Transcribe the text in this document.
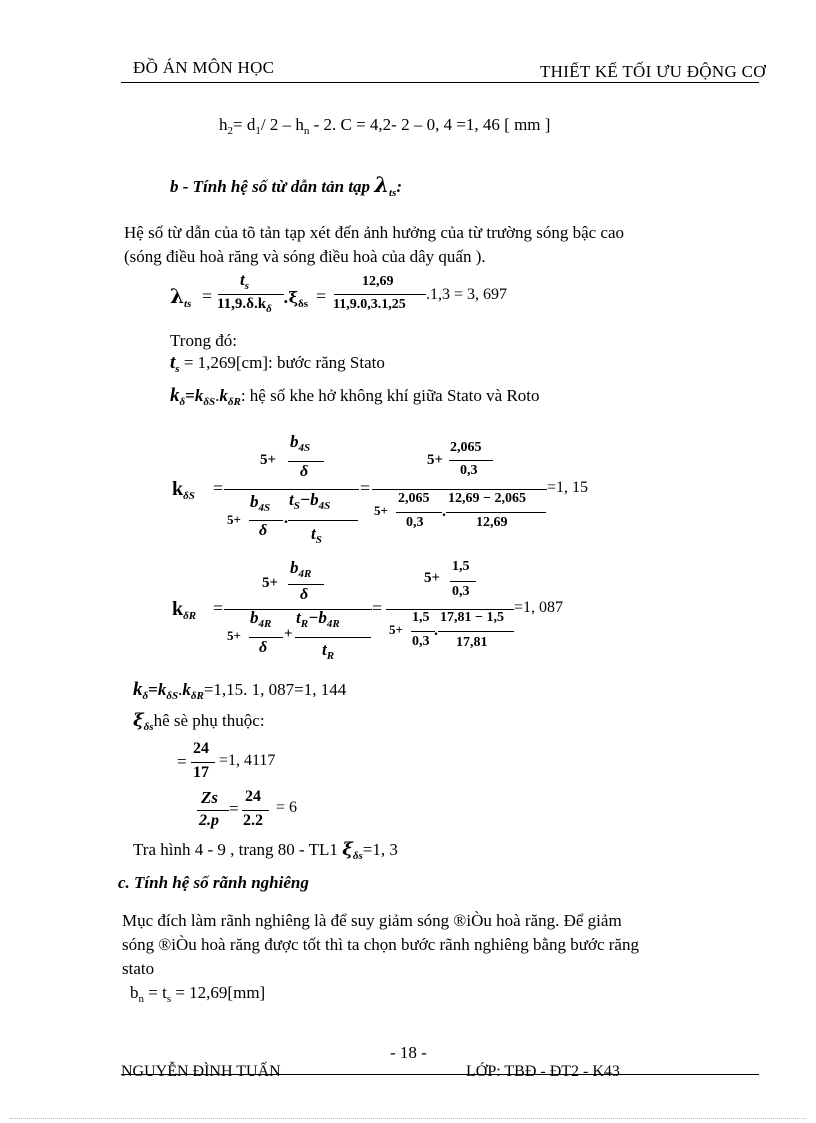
ĐỒ ÁN MÔN HỌC	THIẾT KẾ TỐI ƯU ĐỘNG CƠ
$h_2= d_1/$ $2 - h_n - 2$. C = 4,2- 2 – 0, 4 =1, 46 [ mm ]
b - Tính hệ số từ dẫn tản tạp $\lambda_{ts}$:
Hệ số từ dẫn của tõ tản tạp xét đến ảnh hưởng của từ trường sóng bậc cao
(sóng điều hoà răng và sóng điều hoà của dây quấn ).
$\lambda_{ts}$ =
$t_s$
$11,9.\delta.k_\delta$
$.\xi_{\delta s}$ =
12,69
11,9.0,3.1,25
.1,3 = 3, 697
Trong đó:
$t_s = 1,269[cm]$: bước răng Stato
$k_\delta=k_{\delta S}.k_{\delta R}$: hệ số khe hở không khí giữa Stato và Roto
$k_{\delta S}$ =
5+
$b_{4S}$
δ
5+
$b_{4S}$
δ
.
$t_S-b_{4S}$
$t_S$
=
5+
2,065
0,3
5+
2,065
0,3
.
12,69 − 2,065
12,69
=1, 15
$k_{\delta R}$ =
5+
$b_{4R}$
δ
5+
$b_{4R}$
δ
+
$t_R-b_{4R}$
$t_R$
=
5+
1,5
0,3
5+
1,5
0,3
.
17,81 − 1,5
17,81
=1, 087
$k_\delta=k_{\delta S}.k_{\delta R}=1,15$. 1, 087=1, 144
$\xi_{\delta s}hê$ sè phụ thuộc:
=
24
17
=1, 4117
Zs
2.p
=
24
2.2
= 6
Tra hình 4 - 9 , trang 80 - TL1 $\xi_{\delta s}=1$, 3
c. Tính hệ số rãnh nghiêng
Mục đích làm rãnh nghiêng là để suy giảm sóng ®iÒu hoà răng. Để giảm
sóng ®iÒu hoà răng được tốt thì ta chọn bước rãnh nghiêng bằng bước răng
stato
$b_n = t_s = 12,69[mm]$
- 18 -
NGUYỄN ĐÌNH TUẤN	LỚP: TBĐ - ĐT2 - K43
